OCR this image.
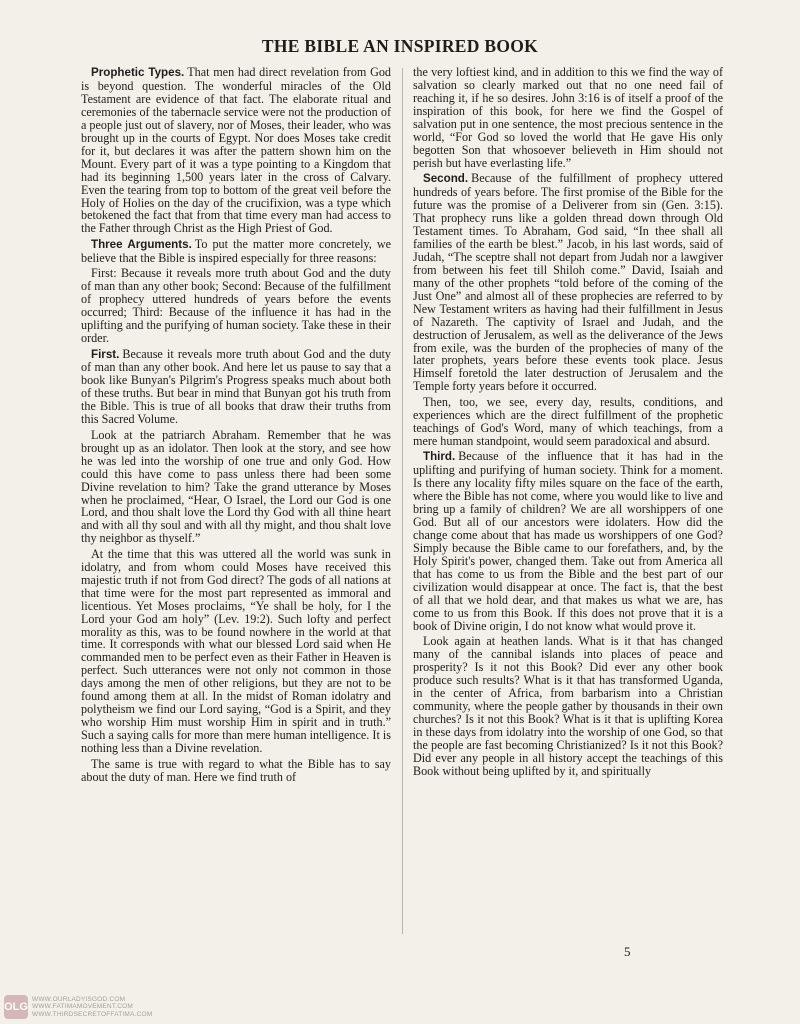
THE BIBLE AN INSPIRED BOOK

Prophetic Types. That men had direct revelation from God is beyond question. The wonderful miracles of the Old Testament are evidence of that fact. The elaborate ritual and ceremonies of the tabernacle service were not the production of a people just out of slavery, nor of Moses, their leader, who was brought up in the courts of Egypt. Nor does Moses take credit for it, but declares it was after the pattern shown him on the Mount. Every part of it was a type pointing to a Kingdom that had its beginning 1,500 years later in the cross of Calvary. Even the tearing from top to bottom of the great veil before the Holy of Holies on the day of the crucifixion, was a type which betokened the fact that from that time every man had access to the Father through Christ as the High Priest of God.

Three Arguments. To put the matter more concretely, we believe that the Bible is inspired especially for three reasons:

First: Because it reveals more truth about God and the duty of man than any other book; Second: Because of the fulfillment of prophecy uttered hundreds of years before the events occurred; Third: Because of the influence it has had in the uplifting and the purifying of human society. Take these in their order.

First. Because it reveals more truth about God and the duty of man than any other book. And here let us pause to say that a book like Bunyan's Pilgrim's Progress speaks much about both of these truths. But bear in mind that Bunyan got his truth from the Bible. This is true of all books that draw their truths from this Sacred Volume.

Look at the patriarch Abraham. Remember that he was brought up as an idolator. Then look at the story, and see how he was led into the worship of one true and only God. How could this have come to pass unless there had been some Divine revelation to him? Take the grand utterance by Moses when he proclaimed, “Hear, O Israel, the Lord our God is one Lord, and thou shalt love the Lord thy God with all thine heart and with all thy soul and with all thy might, and thou shalt love thy neighbor as thyself.”

At the time that this was uttered all the world was sunk in idolatry, and from whom could Moses have received this majestic truth if not from God direct? The gods of all nations at that time were for the most part represented as immoral and licentious. Yet Moses proclaims, “Ye shall be holy, for I the Lord your God am holy” (Lev. 19:2). Such lofty and perfect morality as this, was to be found nowhere in the world at that time. It corresponds with what our blessed Lord said when He commanded men to be perfect even as their Father in Heaven is perfect. Such utterances were not only not common in those days among the men of other religions, but they are not to be found among them at all. In the midst of Roman idolatry and polytheism we find our Lord saying, “God is a Spirit, and they who worship Him must worship Him in spirit and in truth.” Such a saying calls for more than mere human intelligence. It is nothing less than a Divine revelation.

The same is true with regard to what the Bible has to say about the duty of man. Here we find truth of

the very loftiest kind, and in addition to this we find the way of salvation so clearly marked out that no one need fail of reaching it, if he so desires. John 3:16 is of itself a proof of the inspiration of this book, for here we find the Gospel of salvation put in one sentence, the most precious sentence in the world, “For God so loved the world that He gave His only begotten Son that whosoever believeth in Him should not perish but have everlasting life.”

Second. Because of the fulfillment of prophecy uttered hundreds of years before. The first promise of the Bible for the future was the promise of a Deliverer from sin (Gen. 3:15). That prophecy runs like a golden thread down through Old Testament times. To Abraham, God said, “In thee shall all families of the earth be blest.” Jacob, in his last words, said of Judah, “The sceptre shall not depart from Judah nor a lawgiver from between his feet till Shiloh come.” David, Isaiah and many of the other prophets “told before of the coming of the Just One” and almost all of these prophecies are referred to by New Testament writers as having had their fulfillment in Jesus of Nazareth. The captivity of Israel and Judah, and the destruction of Jerusalem, as well as the deliverance of the Jews from exile, was the burden of the prophecies of many of the later prophets, years before these events took place. Jesus Himself foretold the later destruction of Jerusalem and the Temple forty years before it occurred.

Then, too, we see, every day, results, conditions, and experiences which are the direct fulfillment of the prophetic teachings of God's Word, many of which teachings, from a mere human standpoint, would seem paradoxical and absurd.

Third. Because of the influence that it has had in the uplifting and purifying of human society. Think for a moment. Is there any locality fifty miles square on the face of the earth, where the Bible has not come, where you would like to live and bring up a family of children? We are all worshippers of one God. But all of our ancestors were idolaters. How did the change come about that has made us worshippers of one God? Simply because the Bible came to our forefathers, and, by the Holy Spirit's power, changed them. Take out from America all that has come to us from the Bible and the best part of our civilization would disappear at once. The fact is, that the best of all that we hold dear, and that makes us what we are, has come to us from this Book. If this does not prove that it is a book of Divine origin, I do not know what would prove it.

Look again at heathen lands. What is it that has changed many of the cannibal islands into places of peace and prosperity? Is it not this Book? Did ever any other book produce such results? What is it that has transformed Uganda, in the center of Africa, from barbarism into a Christian community, where the people gather by thousands in their own churches? Is it not this Book? What is it that is uplifting Korea in these days from idolatry into the worship of one God, so that the people are fast becoming Christianized? Is it not this Book? Did ever any people in all history accept the teachings of this Book without being uplifted by it, and spiritually

5
OLG
WWW.OURLADYISGOD.COM
WWW.FATIMAMOVEMENT.COM
WWW.THIRDSECRETOFFATIMA.COM
